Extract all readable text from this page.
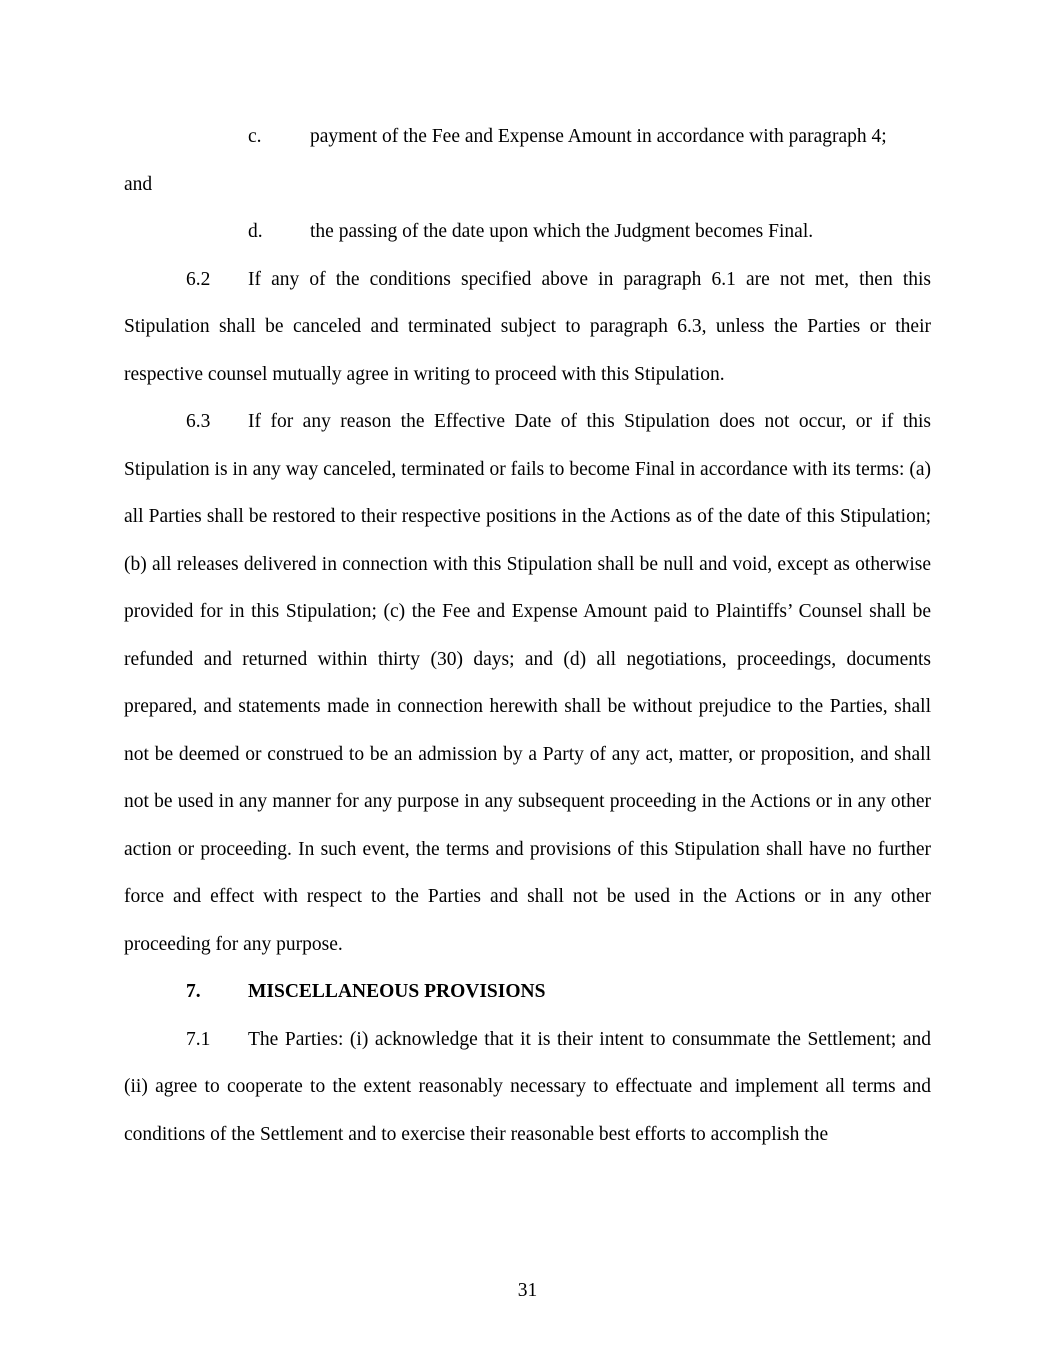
c. payment of the Fee and Expense Amount in accordance with paragraph 4;
and
d. the passing of the date upon which the Judgment becomes Final.
6.2 If any of the conditions specified above in paragraph 6.1 are not met, then this Stipulation shall be canceled and terminated subject to paragraph 6.3, unless the Parties or their respective counsel mutually agree in writing to proceed with this Stipulation.
6.3 If for any reason the Effective Date of this Stipulation does not occur, or if this Stipulation is in any way canceled, terminated or fails to become Final in accordance with its terms: (a) all Parties shall be restored to their respective positions in the Actions as of the date of this Stipulation; (b) all releases delivered in connection with this Stipulation shall be null and void, except as otherwise provided for in this Stipulation; (c) the Fee and Expense Amount paid to Plaintiffs’ Counsel shall be refunded and returned within thirty (30) days; and (d) all negotiations, proceedings, documents prepared, and statements made in connection herewith shall be without prejudice to the Parties, shall not be deemed or construed to be an admission by a Party of any act, matter, or proposition, and shall not be used in any manner for any purpose in any subsequent proceeding in the Actions or in any other action or proceeding. In such event, the terms and provisions of this Stipulation shall have no further force and effect with respect to the Parties and shall not be used in the Actions or in any other proceeding for any purpose.
7. MISCELLANEOUS PROVISIONS
7.1 The Parties: (i) acknowledge that it is their intent to consummate the Settlement; and (ii) agree to cooperate to the extent reasonably necessary to effectuate and implement all terms and conditions of the Settlement and to exercise their reasonable best efforts to accomplish the
31
